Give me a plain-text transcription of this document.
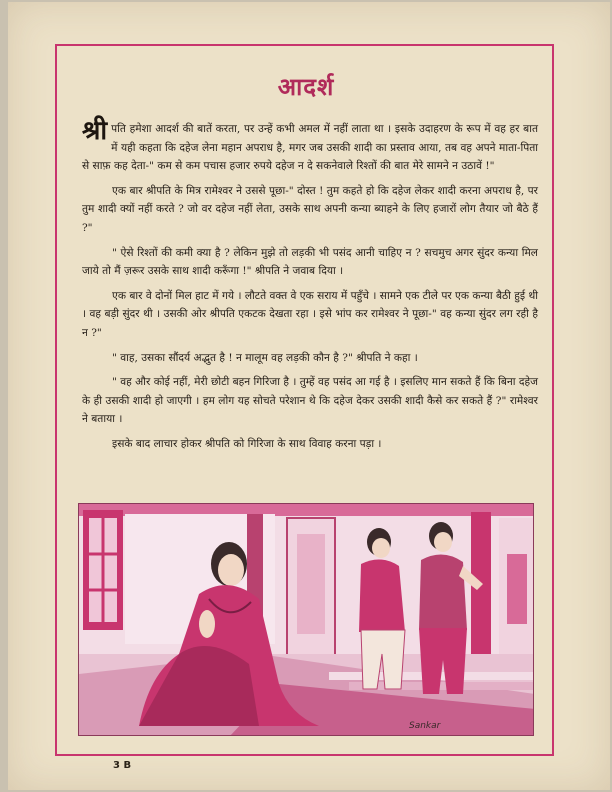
आदर्श

श्री पति हमेशा आदर्श की बातें करता, पर उन्हें कभी अमल में नहीं लाता था । इसके उदाहरण के रूप में वह हर बात में यही कहता कि दहेज लेना महान अपराध है, मगर जब उसकी शादी का प्रस्ताव आया, तब वह अपने माता-पिता से साफ़ कह देता-" कम से कम पचास हजार रुपये दहेज न दे सकनेवाले रिश्तों की बात मेरे सामने न उठावें !"

एक बार श्रीपति के मित्र रामेश्वर ने उससे पूछा-" दोस्त ! तुम कहते हो कि दहेज लेकर शादी करना अपराध है, पर तुम शादी क्यों नहीं करते ? जो वर दहेज नहीं लेता, उसके साथ अपनी कन्या ब्याहने के लिए हजारों लोग तैयार जो बैठे हैं ?"

" ऐसे रिश्तों की कमी क्या है ? लेकिन मुझे तो लड़की भी पसंद आनी चाहिए न ? सचमुच अगर सुंदर कन्या मिल जाये तो मैं ज़रूर उसके साथ शादी करूँगा !" श्रीपति ने जवाब दिया ।

एक बार वे दोनों मिल हाट में गये । लौटते वक्त वे एक सराय में पहुँचे । सामने एक टीले पर एक कन्या बैठी हुई थी । वह बड़ी सुंदर थी । उसकी ओर श्रीपति एकटक देखता रहा । इसे भांप कर रामेश्वर ने पूछा-" वह कन्या सुंदर लग रही है न ?"

" वाह, उसका सौंदर्य अद्भुत है ! न मालूम वह लड़की कौन है ?" श्रीपति ने कहा ।

" वह और कोई नहीं, मेरी छोटी बहन गिरिजा है । तुम्हें वह पसंद आ गई है । इसलिए मान सकते हैं कि बिना दहेज के ही उसकी शादी हो जाएगी । हम लोग यह सोचते परेशान थे कि दहेज देकर उसकी शादी कैसे कर सकते हैं ?" रामेश्वर ने बताया ।

इसके बाद लाचार होकर श्रीपति को गिरिजा के साथ विवाह करना पड़ा ।

Sankar
3 B
